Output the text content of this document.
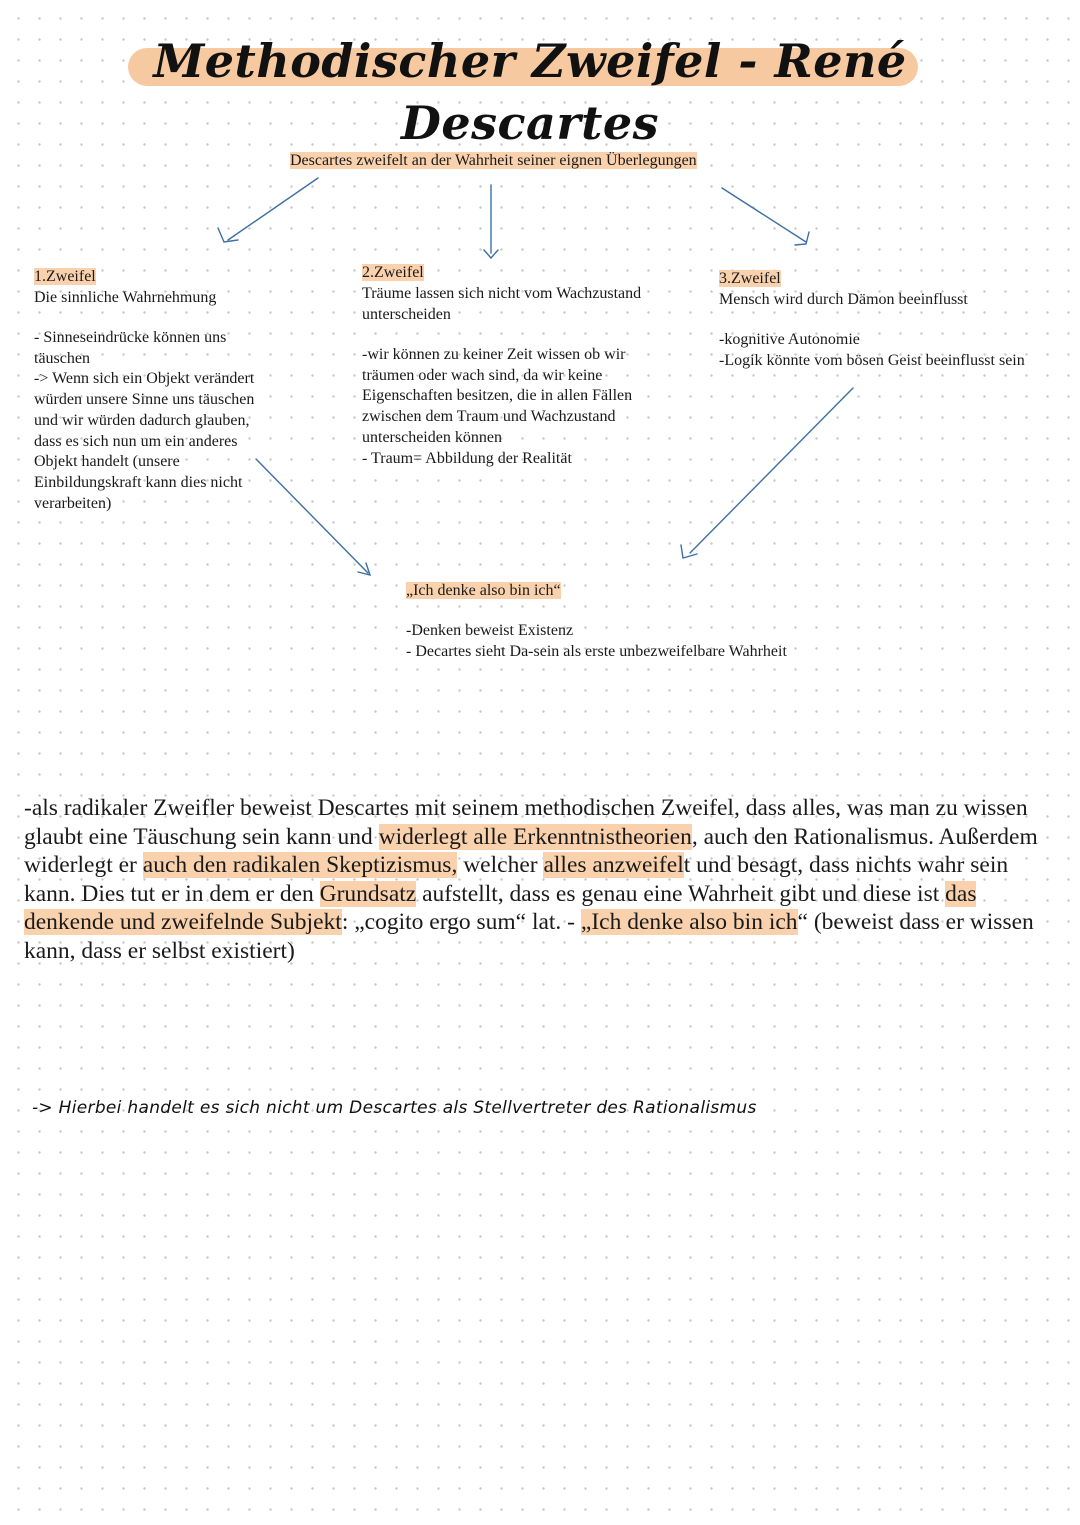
Methodischer Zweifel - René Descartes
Descartes zweifelt an der Wahrheit seiner eignen Überlegungen
1.Zweifel
Die sinnliche Wahrnehmung
- Sinneseindrücke können uns
täuschen
-> Wenn sich ein Objekt verändert
würden unsere Sinne uns täuschen
und wir würden dadurch glauben,
dass es sich nun um ein anderes
Objekt handelt (unsere
Einbildungskraft kann dies nicht
verarbeiten)
2.Zweifel
Träume lassen sich nicht vom Wachzustand
unterscheiden
-wir können zu keiner Zeit wissen ob wir
träumen oder wach sind, da wir keine
Eigenschaften besitzen, die in allen Fällen
zwischen dem Traum und Wachzustand
unterscheiden können
- Traum= Abbildung der Realität
3.Zweifel
Mensch wird durch Dämon beeinflusst
-kognitive Autonomie
-Logik könnte vom bösen Geist beeinflusst sein
„Ich denke also bin ich“
-Denken beweist Existenz
- Decartes sieht Da-sein als erste unbezweifelbare Wahrheit
-als radikaler Zweifler beweist Descartes mit seinem methodischen Zweifel, dass alles, was man zu wissen glaubt eine Täuschung sein kann und widerlegt alle Erkenntnistheorien, auch den Rationalismus. Außerdem widerlegt er auch den radikalen Skeptizismus, welcher alles anzweifelt und besagt, dass nichts wahr sein kann. Dies tut er in dem er den Grundsatz aufstellt, dass es genau eine Wahrheit gibt und diese ist das denkende und zweifelnde Subjekt: „cogito ergo sum“ lat. - „Ich denke also bin ich“ (beweist dass er wissen kann, dass er selbst existiert)
-> Hierbei handelt es sich nicht um Descartes als Stellvertreter des Rationalismus
